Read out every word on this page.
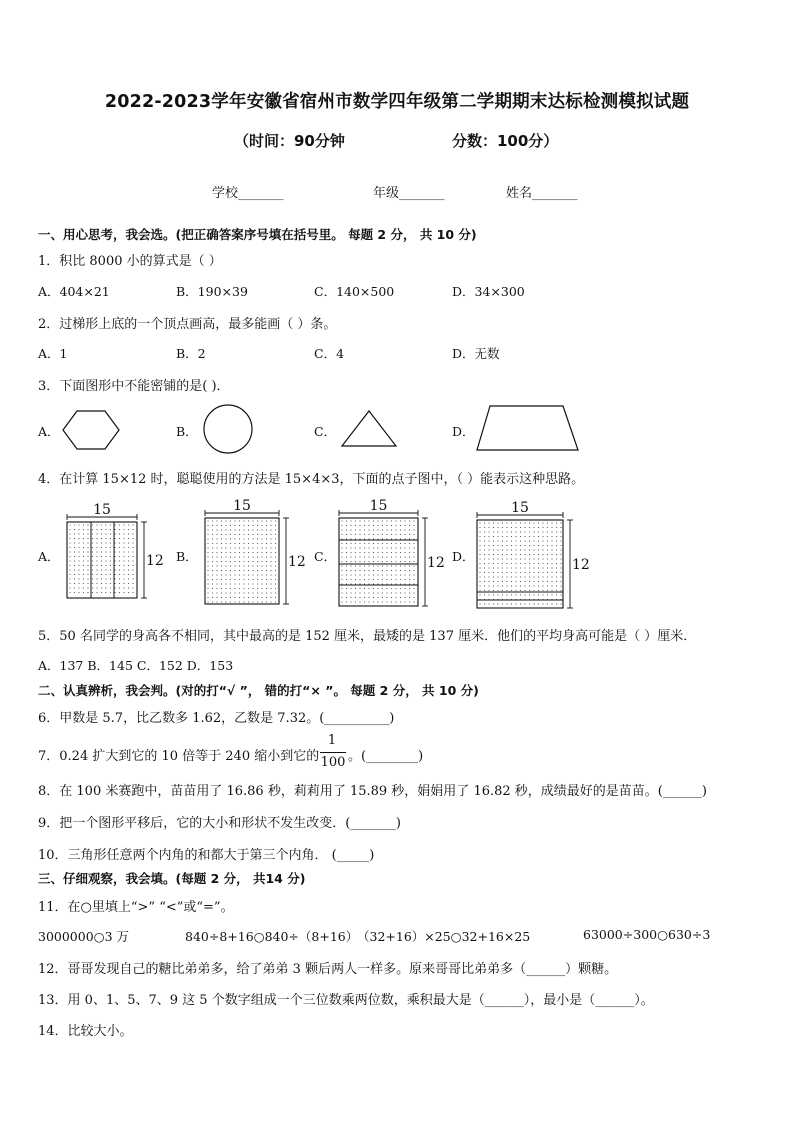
2022-2023学年安徽省宿州市数学四年级第二学期期末达标检测模拟试题
（时间：90分钟	分数：100分）
学校_______	年级_______	姓名_______
一、用心思考，我会选。(把正确答案序号填在括号里。 每题 2 分， 共 10 分)
1．积比 8000 小的算式是（ ）
A．404×21	B．190×39	C．140×500	D．34×300
2．过梯形上底的一个顶点画高，最多能画（ ）条。
A．1	B．2	C．4	D．无数
3．下面图形中不能密铺的是( )．
A．	B．	C．	D．
4．在计算 15×12 时，聪聪使用的方法是 15×4×3，下面的点子图中，（ ）能表示这种思路。
A．	B．	C．	D．
15
12
15
12
15
12
15
12
5．50 名同学的身高各不相同，其中最高的是 152 厘米，最矮的是 137 厘米．他们的平均身高可能是（ ）厘米．
A．137 B．145 C．152 D．153
二、认真辨析，我会判。(对的打“√ ”， 错的打“× ”。 每题 2 分， 共 10 分)
6．甲数是 5.7，比乙数多 1.62，乙数是 7.32。(__________)
7．0.24 扩大到它的 10 倍等于 240 缩小到它的
1
100 。(________)
8．在 100 米赛跑中，苗苗用了 16.86 秒，莉莉用了 15.89 秒，娟娟用了 16.82 秒，成绩最好的是苗苗。(______)
9．把一个图形平移后，它的大小和形状不发生改变．(_______)
10．三角形任意两个内角的和都大于第三个内角． (_____)
三、仔细观察，我会填。(每题 2 分， 共14 分)
11．在○里填上“>” “<”或“=”。
3000000○3 万	840÷8+16○840÷（8+16）
（32+16）×25○32+16×25	63000÷300○630÷3
12．哥哥发现自己的糖比弟弟多，给了弟弟 3 颗后两人一样多。原来哥哥比弟弟多（______）颗糖。
13．用 0、1、5、7、9 这 5 个数字组成一个三位数乘两位数，乘积最大是（______），最小是（______）。
14．比较大小。
